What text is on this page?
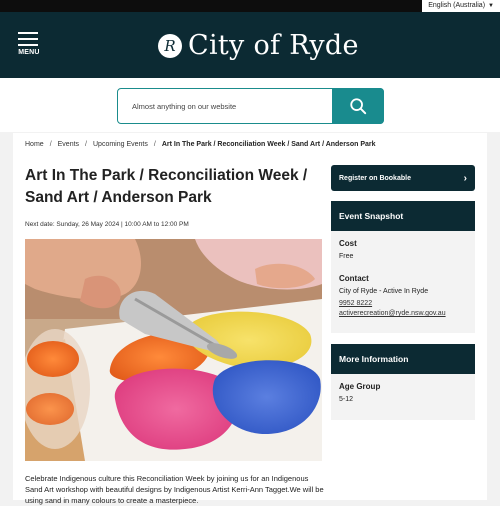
English (Australia) ▼
MENU	R City of Ryde
Almost anything on our website
Home / Events / Upcoming Events / Art In The Park / Reconciliation Week / Sand Art / Anderson Park
Art In The Park / Reconciliation Week / Sand Art / Anderson Park
Next date: Sunday, 26 May 2024 | 10:00 AM to 12:00 PM

Celebrate Indigenous culture this Reconciliation Week by joining us for an Indigenous Sand Art workshop with beautiful designs by Indigenous Artist Kerri-Ann Tagget.We will be using sand in many colours to create a masterpiece.

Register on Bookable	›
Event Snapshot
Cost
Free
Contact
City of Ryde - Active In Ryde
9952 8222
activerecreation@ryde.nsw.gov.au
More Information
Age Group
5-12
